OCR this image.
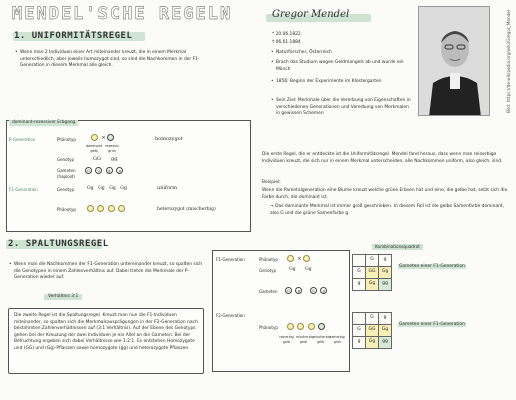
MENDEL'SCHE REGELN
1. UNIFORMITÄTSREGEL
• Wenn man 2 Individuen einer Art miteinander kreuzt, die in einem Merkmal unterschiedlich, aber jeweils homozygot sind, so sind die Nachkommen in der F1-Generation in diesem Merkmal alle gleich.
dominant-rezessiver Erbgang
P-Generation	Phänotyp	×
dominant gelb
rezessiv grün
homozygot
Genotyp	GG gg
Gameten (haploid)
G G g g
F1-Generation	Genotyp	Gg Gg Gg Gg	uniform
Phänotyp
	heterozygot (mischerbig)
Gregor Mendel
* 20.06.1822
† 06.01.1884
• Naturforscher, Österreich
• Brach das Studium wegen Geldmangels ab und wurde ein Mönch
• 1856: Beginn der Experimente im Klostergarten
• Sein Ziel: Merkmale über die Vererbung von Eigenschaften in verschiedenen Generationen und Vererbung von Merkmalen in gewissen Schemen
Bild: https://de.wikipedia.org/wiki/Gregor_Mendel
Die erste Regel, die er entdeckte ist die Uniformitätsregel. Mendel fand heraus, dass wenn man reinerbige Individuen kreuzt, die sich nur in einem Merkmal unterscheiden, alle Nachkommen uniform, also gleich, sind.
Beispiel:
Wenn die Parentalgeneration eine Blume kreuzt welche grüne Erbsen hat und eine, die gelbe hat, setzt sich die Farbe durch, die dominant ist.
→ Das dominante Merkmal ist immer groß geschrieben. In diesem Fall ist die gelbe Samenfarbe dominant, also G und die grüne Samenfarbe g.
2. SPALTUNGSREGEL
• Wenn man die Nachkommen der F1-Generation untereinander kreuzt, so spalten sich die Genotypen in einem Zahlenverhältnis auf. Dabei treten die Merkmale der P-Generation wieder auf.
Verhältnis 3:1
Die zweite Regel ist die Spaltungsregel. Kreuzt man nun die F1-Individuen miteinander, so spalten sich die Merkmalsausprägungen in der F2-Generation nach bestimmten Zahlenverhältnissen auf (3:1 Verhältnis). Auf der Ebene des Genotyps gehen bei der Kreuzung der zwei Individuen je ein Allel an die Gameten. Bei der Befruchtung ergeben sich dabei Verhältnisse wie 1:2:1. Es entstehen Homozygote und (GG) und (Gg)-Pflanzen sowie homozygote (gg) und heterozygote Pflanzen.
F1-Generation	Phänotyp	×
Genotyp	Gg Gg
Gameten	G g	G g
F2-Generation
Phänotyp

reinerbig gelb
mischerbig gelb
mischerbig gelb
reinerbig grün
Kombinationsquadrat
	G	g
G	GG	Gg
g	Gg	gg
Gameten einer F1-Generation
	G	g
G	GG	Gg
g	Gg	gg
Gameten einer F1-Generation
